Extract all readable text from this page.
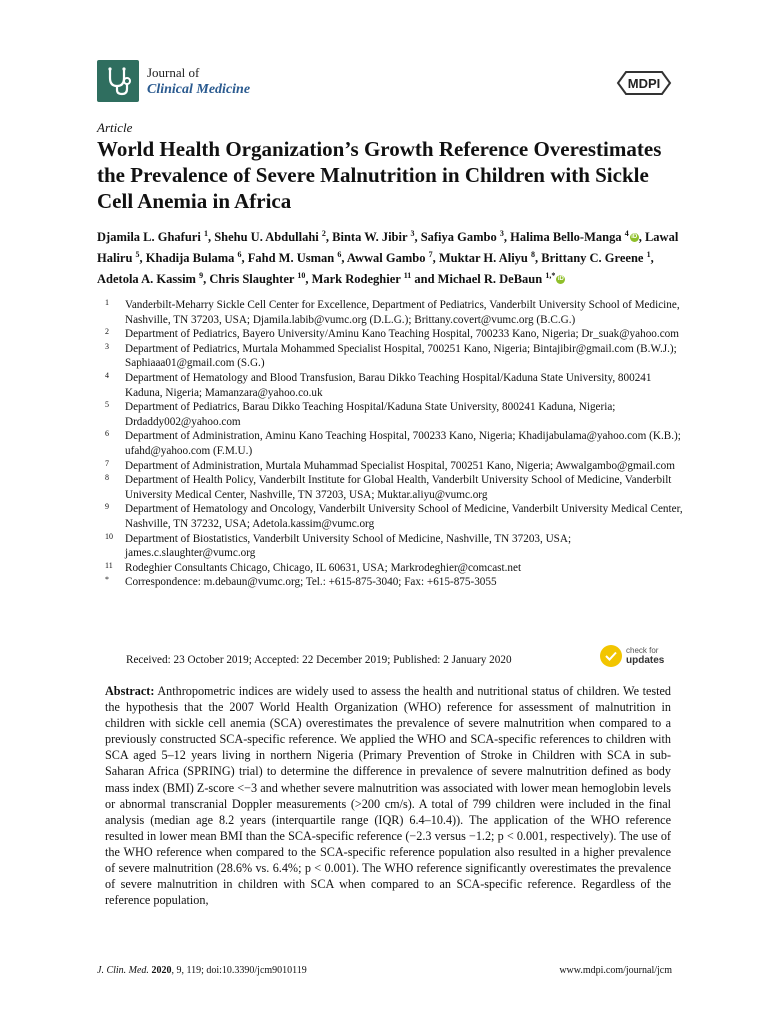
Journal of
Clinical Medicine	MDPI
Article
World Health Organization’s Growth Reference Overestimates the Prevalence of Severe Malnutrition in Children with Sickle Cell Anemia in Africa
Djamila L. Ghafuri $^1$, Shehu U. Abdullahi $^2$, Binta W. Jibir $^3$, Safiya Gambo $^3$, Halima Bello-Manga $^4$ iD , Lawal Haliru $^5$, Khadija Bulama $^6$, Fahd M. Usman $^6$, Awwal Gambo $^7$, Muktar H. Aliyu $^8$, Brittany C. Greene $^1$, Adetola A. Kassim $^9$, Chris Slaughter $^{10}$, Mark Rodeghier $^{11}$ and Michael R. DeBaun $^{1,*}$ iD
1 Vanderbilt-Meharry Sickle Cell Center for Excellence, Department of Pediatrics, Vanderbilt University School of Medicine, Nashville, TN 37203, USA; Djamila.labib@vumc.org (D.L.G.); Brittany.covert@vumc.org (B.C.G.)
2 Department of Pediatrics, Bayero University/Aminu Kano Teaching Hospital, 700233 Kano, Nigeria; Dr_suak@yahoo.com
3 Department of Pediatrics, Murtala Mohammed Specialist Hospital, 700251 Kano, Nigeria; Bintajibir@gmail.com (B.W.J.); Saphiaaa01@gmail.com (S.G.)
4 Department of Hematology and Blood Transfusion, Barau Dikko Teaching Hospital/Kaduna State University, 800241 Kaduna, Nigeria; Mamanzara@yahoo.co.uk
5 Department of Pediatrics, Barau Dikko Teaching Hospital/Kaduna State University, 800241 Kaduna, Nigeria; Drdaddy002@yahoo.com
6 Department of Administration, Aminu Kano Teaching Hospital, 700233 Kano, Nigeria; Khadijabulama@yahoo.com (K.B.); ufahd@yahoo.com (F.M.U.)
7 Department of Administration, Murtala Muhammad Specialist Hospital, 700251 Kano, Nigeria; Awwalgambo@gmail.com
8 Department of Health Policy, Vanderbilt Institute for Global Health, Vanderbilt University School of Medicine, Vanderbilt University Medical Center, Nashville, TN 37203, USA; Muktar.aliyu@vumc.org
9 Department of Hematology and Oncology, Vanderbilt University School of Medicine, Vanderbilt University Medical Center, Nashville, TN 37232, USA; Adetola.kassim@vumc.org
10 Department of Biostatistics, Vanderbilt University School of Medicine, Nashville, TN 37203, USA; james.c.slaughter@vumc.org
11 Rodeghier Consultants Chicago, Chicago, IL 60631, USA; Markrodeghier@comcast.net
* Correspondence: m.debaun@vumc.org; Tel.: +615-875-3040; Fax: +615-875-3055
Received: 23 October 2019; Accepted: 22 December 2019; Published: 2 January 2020
check for
updates

Abstract: Anthropometric indices are widely used to assess the health and nutritional status of children. We tested the hypothesis that the 2007 World Health Organization (WHO) reference for assessment of malnutrition in children with sickle cell anemia (SCA) overestimates the prevalence of severe malnutrition when compared to a previously constructed SCA-specific reference. We applied the WHO and SCA-specific references to children with SCA aged 5–12 years living in northern Nigeria (Primary Prevention of Stroke in Children with SCA in sub-Saharan Africa (SPRING) trial) to determine the difference in prevalence of severe malnutrition defined as body mass index (BMI) Z-score <−3 and whether severe malnutrition was associated with lower mean hemoglobin levels or abnormal transcranial Doppler measurements (>200 cm/s). A total of 799 children were included in the final analysis (median age 8.2 years (interquartile range (IQR) 6.4–10.4)). The application of the WHO reference resulted in lower mean BMI than the SCA-specific reference (−2.3 versus −1.2; p < 0.001, respectively). The use of the WHO reference when compared to the SCA-specific reference population also resulted in a higher prevalence of severe malnutrition (28.6% vs. 6.4%; p < 0.001). The WHO reference significantly overestimates the prevalence of severe malnutrition in children with SCA when compared to an SCA-specific reference. Regardless of the reference population,

J. Clin. Med. 2020, 9, 119; doi:10.3390/jcm9010119	www.mdpi.com/journal/jcm
